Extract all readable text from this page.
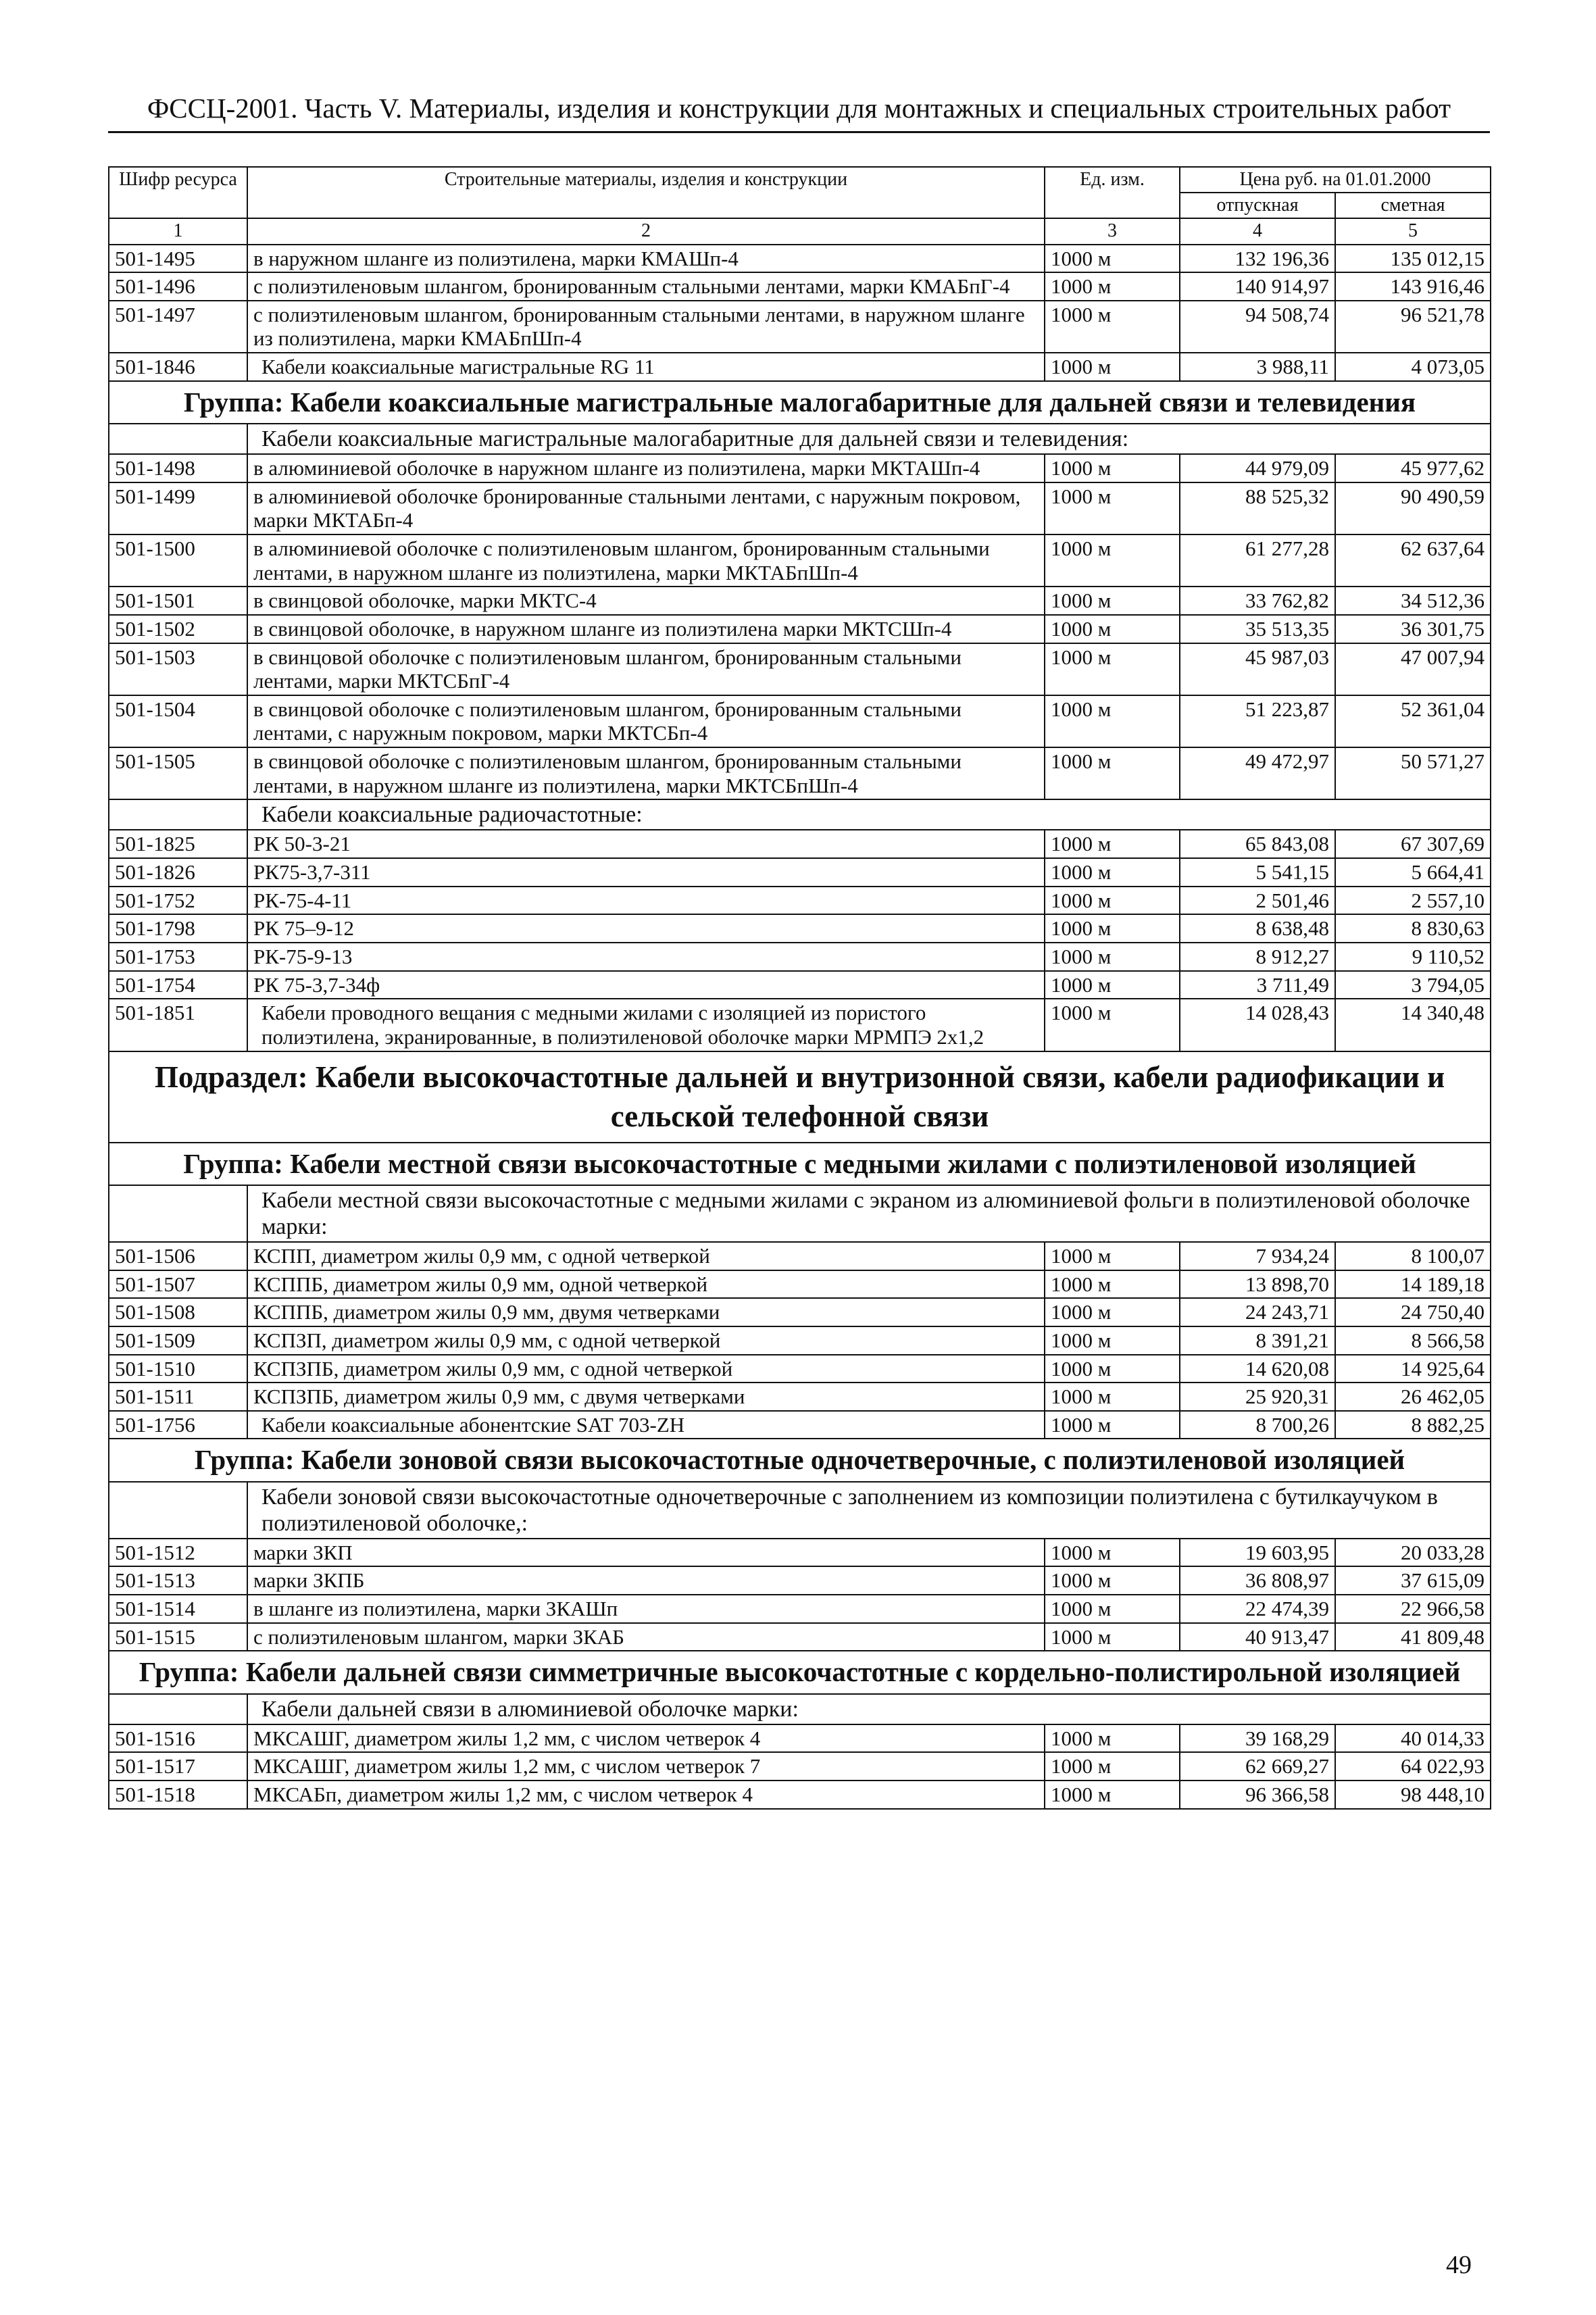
ФССЦ-2001. Часть V. Материалы, изделия и конструкции для монтажных и специальных строительных работ
Шифр ресурса	Строительные материалы, изделия и конструкции	Ед. изм.	Цена руб. на 01.01.2000	
			отпускная	сметная
1	2	3	4	5
501-1495	в наружном шланге из полиэтилена, марки КМАШп-4	1000 м	132 196,36	135 012,15
501-1496	с полиэтиленовым шлангом, бронированным стальными лентами, марки КМАБпГ-4	1000 м	140 914,97	143 916,46
501-1497	с полиэтиленовым шлангом, бронированным стальными лентами, в наружном шланге из полиэтилена, марки КМАБпШп-4	1000 м	94 508,74	96 521,78
501-1846	Кабели коаксиальные магистральные RG 11	1000 м	3 988,11	4 073,05
Группа: Кабели коаксиальные магистральные малогабаритные для дальней связи и телевидения				
	Кабели коаксиальные магистральные малогабаритные для дальней связи и телевидения:			
501-1498	в алюминиевой оболочке в наружном шланге из полиэтилена, марки МКТАШп-4	1000 м	44 979,09	45 977,62
501-1499	в алюминиевой оболочке бронированные стальными лентами, с наружным покровом, марки МКТАБп-4	1000 м	88 525,32	90 490,59
501-1500	в алюминиевой оболочке с полиэтиленовым шлангом, бронированным стальными лентами, в наружном шланге из полиэтилена, марки МКТАБпШп-4	1000 м	61 277,28	62 637,64
501-1501	в свинцовой оболочке, марки МКТС-4	1000 м	33 762,82	34 512,36
501-1502	в свинцовой оболочке, в наружном шланге из полиэтилена марки МКТСШп-4	1000 м	35 513,35	36 301,75
501-1503	в свинцовой оболочке с полиэтиленовым шлангом, бронированным стальными лентами, марки МКТСБпГ-4	1000 м	45 987,03	47 007,94
501-1504	в свинцовой оболочке с полиэтиленовым шлангом, бронированным стальными лентами, с наружным покровом, марки МКТСБп-4	1000 м	51 223,87	52 361,04
501-1505	в свинцовой оболочке с полиэтиленовым шлангом, бронированным стальными лентами, в наружном шланге из полиэтилена, марки МКТСБпШп-4	1000 м	49 472,97	50 571,27
	Кабели коаксиальные радиочастотные:			
501-1825	РК 50-3-21	1000 м	65 843,08	67 307,69
501-1826	РК75-3,7-311	1000 м	5 541,15	5 664,41
501-1752	РК-75-4-11	1000 м	2 501,46	2 557,10
501-1798	РК 75–9-12	1000 м	8 638,48	8 830,63
501-1753	РК-75-9-13	1000 м	8 912,27	9 110,52
501-1754	РК 75-3,7-34ф	1000 м	3 711,49	3 794,05
501-1851	Кабели проводного вещания с медными жилами с изоляцией из пористого полиэтилена, экранированные, в полиэтиленовой оболочке марки МРМПЭ 2х1,2	1000 м	14 028,43	14 340,48
Подраздел: Кабели высокочастотные дальней и внутризонной связи, кабели радиофикации и сельской телефонной связи				
Группа: Кабели местной связи высокочастотные с медными жилами с полиэтиленовой изоляцией				
	Кабели местной связи высокочастотные с медными жилами с экраном из алюминиевой фольги в полиэтиленовой оболочке марки:			
501-1506	КСПП, диаметром жилы 0,9 мм, с одной четверкой	1000 м	7 934,24	8 100,07
501-1507	КСППБ, диаметром жилы 0,9 мм, одной четверкой	1000 м	13 898,70	14 189,18
501-1508	КСППБ, диаметром жилы 0,9 мм, двумя четверками	1000 м	24 243,71	24 750,40
501-1509	КСПЗП, диаметром жилы 0,9 мм, с одной четверкой	1000 м	8 391,21	8 566,58
501-1510	КСПЗПБ, диаметром жилы 0,9 мм, с одной четверкой	1000 м	14 620,08	14 925,64
501-1511	КСПЗПБ, диаметром жилы 0,9 мм, с двумя четверками	1000 м	25 920,31	26 462,05
501-1756	Кабели коаксиальные абонентские SAT 703-ZH	1000 м	8 700,26	8 882,25
Группа: Кабели зоновой связи высокочастотные одночетверочные, с полиэтиленовой изоляцией				
	Кабели зоновой связи высокочастотные одночетверочные с заполнением из композиции полиэтилена с бутилкаучуком в полиэтиленовой оболочке,:			
501-1512	марки ЗКП	1000 м	19 603,95	20 033,28
501-1513	марки ЗКПБ	1000 м	36 808,97	37 615,09
501-1514	в шланге из полиэтилена, марки ЗКАШп	1000 м	22 474,39	22 966,58
501-1515	с полиэтиленовым шлангом, марки ЗКАБ	1000 м	40 913,47	41 809,48
Группа: Кабели дальней связи симметричные высокочастотные с кордельно-полистирольной изоляцией				
	Кабели дальней связи в алюминиевой оболочке марки:			
501-1516	МКСАШГ, диаметром жилы 1,2 мм, с числом четверок 4	1000 м	39 168,29	40 014,33
501-1517	МКСАШГ, диаметром жилы 1,2 мм, с числом четверок 7	1000 м	62 669,27	64 022,93
501-1518	МКСАБп, диаметром жилы 1,2 мм, с числом четверок 4	1000 м	96 366,58	98 448,10
49
